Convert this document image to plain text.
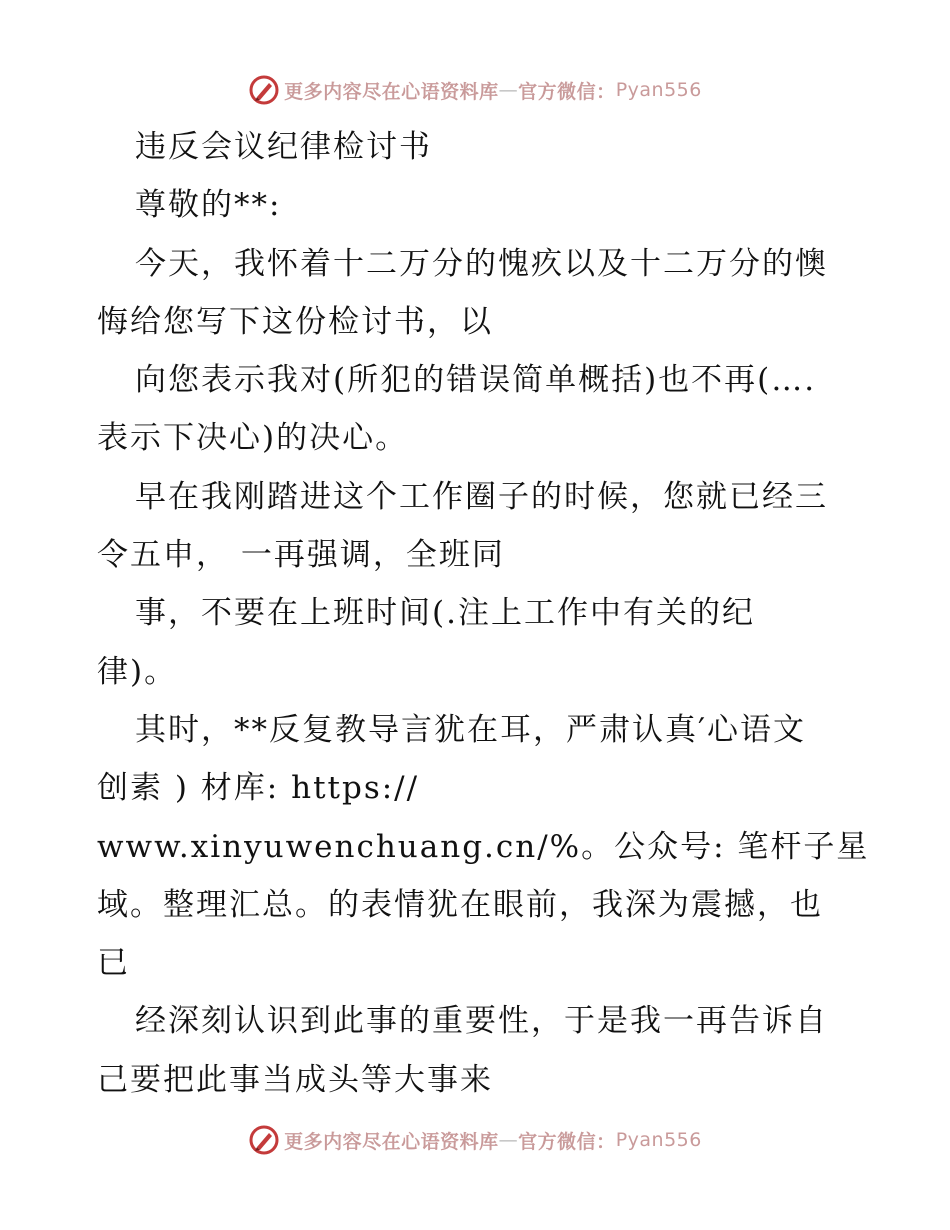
更多内容尽在心语资料库 — 官方微信： Pyan556
违反会议纪律检讨书
尊敬的**:
今天，我怀着十二万分的愧疚以及十二万分的懊
悔给您写下这份检讨书，以
向您表示我对(所犯的错误简单概括)也不再(….
表示下决心)的决心。
早在我刚踏进这个工作圈子的时候，您就已经三
令五申， 一再强调，全班同
事，不要在上班时间(.注上工作中有关的纪
律)。
其时，**反复教导言犹在耳，严肃认真′心语文
创素 ) 材库: https://
www.xinyuwenchuang.cn/%。公众号: 笔杆子星
域。整理汇总。的表情犹在眼前，我深为震撼，也
已
经深刻认识到此事的重要性，于是我一再告诉自
己要把此事当成头等大事来
更多内容尽在心语资料库 — 官方微信： Pyan556
